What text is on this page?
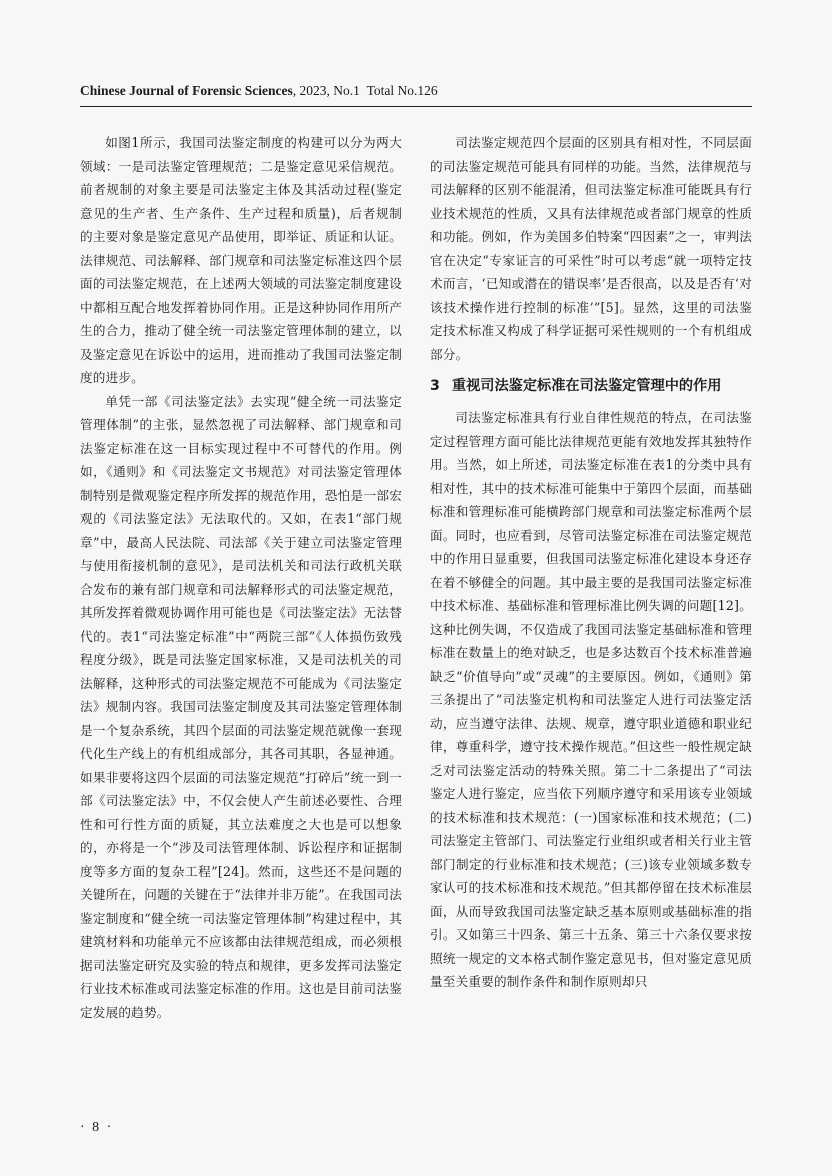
Chinese Journal of Forensic Sciences, 2023, No.1 Total No.126

如图1所示，我国司法鉴定制度的构建可以分为两大领域：一是司法鉴定管理规范；二是鉴定意见采信规范。前者规制的对象主要是司法鉴定主体及其活动过程(鉴定意见的生产者、生产条件、生产过程和质量)，后者规制的主要对象是鉴定意见产品使用，即举证、质证和认证。法律规范、司法解释、部门规章和司法鉴定标准这四个层面的司法鉴定规范，在上述两大领域的司法鉴定制度建设中都相互配合地发挥着协同作用。正是这种协同作用所产生的合力，推动了健全统一司法鉴定管理体制的建立，以及鉴定意见在诉讼中的运用，进而推动了我国司法鉴定制度的进步。

单凭一部《司法鉴定法》去实现“健全统一司法鉴定管理体制”的主张，显然忽视了司法解释、部门规章和司法鉴定标准在这一目标实现过程中不可替代的作用。例如，《通则》和《司法鉴定文书规范》对司法鉴定管理体制特别是微观鉴定程序所发挥的规范作用，恐怕是一部宏观的《司法鉴定法》无法取代的。又如，在表1“部门规章”中，最高人民法院、司法部《关于建立司法鉴定管理与使用衔接机制的意见》，是司法机关和司法行政机关联合发布的兼有部门规章和司法解释形式的司法鉴定规范，其所发挥着微观协调作用可能也是《司法鉴定法》无法替代的。表1“司法鉴定标准”中“两院三部”《人体损伤致残程度分级》，既是司法鉴定国家标准，又是司法机关的司法解释，这种形式的司法鉴定规范不可能成为《司法鉴定法》规制内容。我国司法鉴定制度及其司法鉴定管理体制是一个复杂系统，其四个层面的司法鉴定规范就像一套现代化生产线上的有机组成部分，其各司其职，各显神通。如果非要将这四个层面的司法鉴定规范“打碎后”统一到一部《司法鉴定法》中，不仅会使人产生前述必要性、合理性和可行性方面的质疑，其立法难度之大也是可以想象的，亦将是一个“涉及司法管理体制、诉讼程序和证据制度等多方面的复杂工程”[24]。然而，这些还不是问题的关键所在，问题的关键在于“法律并非万能”。在我国司法鉴定制度和“健全统一司法鉴定管理体制”构建过程中，其建筑材料和功能单元不应该都由法律规范组成，而必须根据司法鉴定研究及实验的特点和规律，更多发挥司法鉴定行业技术标准或司法鉴定标准的作用。这也是目前司法鉴定发展的趋势。

司法鉴定规范四个层面的区别具有相对性，不同层面的司法鉴定规范可能具有同样的功能。当然，法律规范与司法解释的区别不能混淆，但司法鉴定标准可能既具有行业技术规范的性质，又具有法律规范或者部门规章的性质和功能。例如，作为美国多伯特案“四因素”之一，审判法官在决定“专家证言的可采性”时可以考虑“就一项特定技术而言，‘已知或潜在的错误率’是否很高，以及是否有‘对该技术操作进行控制的标准’”[5]。显然，这里的司法鉴定技术标准又构成了科学证据可采性规则的一个有机组成部分。

3 重视司法鉴定标准在司法鉴定管理中的作用

司法鉴定标准具有行业自律性规范的特点，在司法鉴定过程管理方面可能比法律规范更能有效地发挥其独特作用。当然，如上所述，司法鉴定标准在表1的分类中具有相对性，其中的技术标准可能集中于第四个层面，而基础标准和管理标准可能横跨部门规章和司法鉴定标准两个层面。同时，也应看到，尽管司法鉴定标准在司法鉴定规范中的作用日显重要，但我国司法鉴定标准化建设本身还存在着不够健全的问题。其中最主要的是我国司法鉴定标准中技术标准、基础标准和管理标准比例失调的问题[12]。这种比例失调，不仅造成了我国司法鉴定基础标准和管理标准在数量上的绝对缺乏，也是多达数百个技术标准普遍缺乏“价值导向”或“灵魂”的主要原因。例如，《通则》第三条提出了“司法鉴定机构和司法鉴定人进行司法鉴定活动，应当遵守法律、法规、规章，遵守职业道德和职业纪律，尊重科学，遵守技术操作规范。”但这些一般性规定缺乏对司法鉴定活动的特殊关照。第二十二条提出了“司法鉴定人进行鉴定，应当依下列顺序遵守和采用该专业领域的技术标准和技术规范：(一)国家标准和技术规范；(二)司法鉴定主管部门、司法鉴定行业组织或者相关行业主管部门制定的行业标准和技术规范；(三)该专业领域多数专家认可的技术标准和技术规范。”但其都停留在技术标准层面，从而导致我国司法鉴定缺乏基本原则或基础标准的指引。又如第三十四条、第三十五条、第三十六条仅要求按照统一规定的文本格式制作鉴定意见书，但对鉴定意见质量至关重要的制作条件和制作原则却只

· 8 ·
